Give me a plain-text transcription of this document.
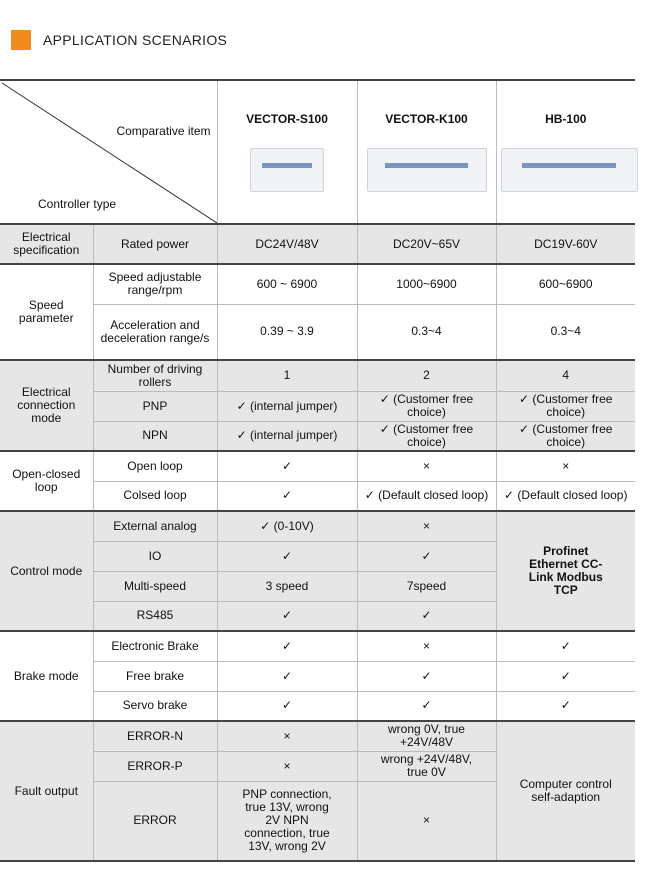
APPLICATION SCENARIOS
Comparative item
Controller type		VECTOR-S100	VECTOR-K100	HB-100

Electrical specification	Rated power	DC24V/48V	DC20V~65V	DC19V-60V
Speed parameter	Speed adjustable range/rpm	600 ~ 6900	1000~6900	600~6900
	Acceleration and deceleration range/s	0.39 ~ 3.9	0.3~4	0.3~4
Electrical connection mode	Number of driving rollers	1	2	4
	PNP	✓ (internal jumper)	✓ (Customer free choice)	✓ (Customer free choice)
	NPN	✓ (internal jumper)	✓ (Customer free choice)	✓ (Customer free choice)
Open-closed loop	Open loop	✓	×	×
	Colsed loop	✓	✓ (Default closed loop)	✓ (Default closed loop)
Control mode	External analog	✓ (0-10V)	×	Profinet Ethernet CC-Link Modbus TCP
	IO	✓	✓	
	Multi-speed	3 speed	7speed	
	RS485	✓	✓	
Brake mode	Electronic Brake	✓	×	✓
	Free brake	✓	✓	✓
	Servo brake	✓	✓	✓
Fault output	ERROR-N	×	wrong 0V, true +24V/48V	Computer control self-adaption
	ERROR-P	×	wrong +24V/48V, true 0V	
	ERROR	PNP connection, true 13V, wrong 2V NPN connection, true 13V, wrong 2V	×	
